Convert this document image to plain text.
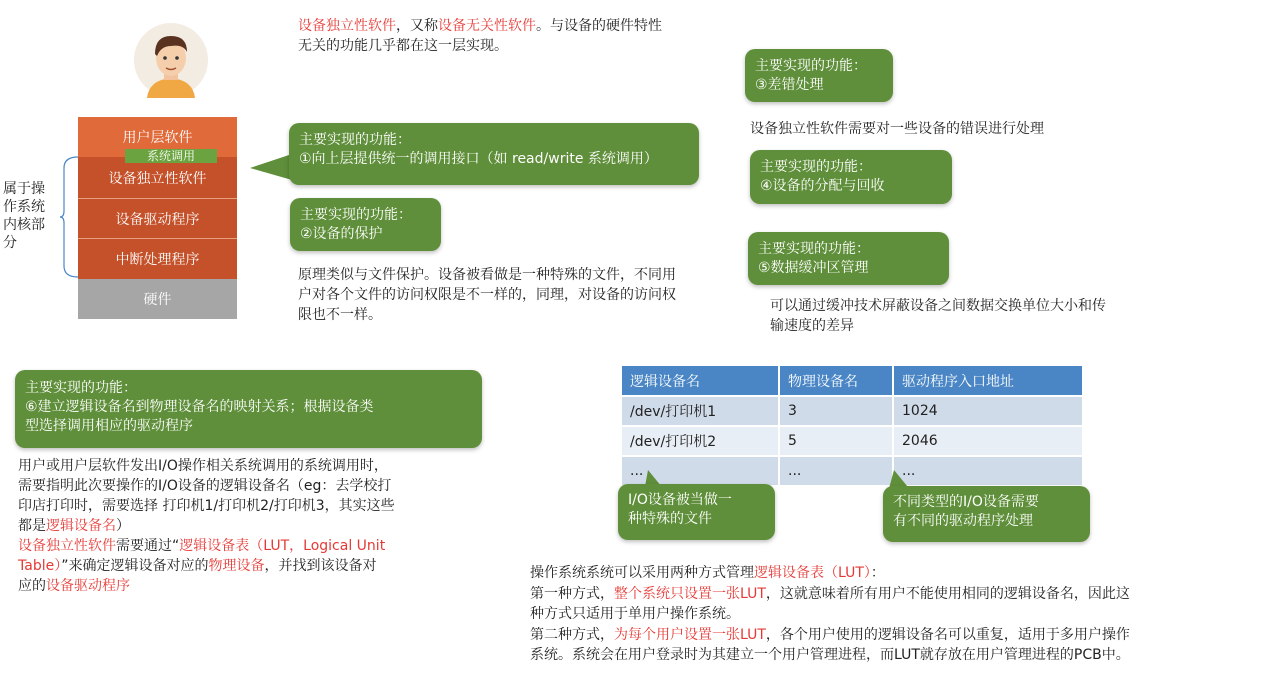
设备独立性软件，又称设备无关性软件。与设备的硬件特性
无关的功能几乎都在这一层实现。
用户层软件
设备独立性软件
设备驱动程序
中断处理程序
硬件
系统调用
属于操
作系统
内核部
分
主要实现的功能：
①向上层提供统一的调用接口（如 read/write 系统调用）
主要实现的功能：
②设备的保护
原理类似与文件保护。设备被看做是一种特殊的文件，不同用
户对各个文件的访问权限是不一样的，同理，对设备的访问权
限也不一样。
主要实现的功能：
③差错处理
设备独立性软件需要对一些设备的错误进行处理
主要实现的功能：
④设备的分配与回收
主要实现的功能：
⑤数据缓冲区管理
可以通过缓冲技术屏蔽设备之间数据交换单位大小和传
输速度的差异
主要实现的功能：
⑥建立逻辑设备名到物理设备名的映射关系；根据设备类
型选择调用相应的驱动程序
用户或用户层软件发出I/O操作相关系统调用的系统调用时，
需要指明此次要操作的I/O设备的逻辑设备名（eg：去学校打
印店打印时，需要选择 打印机1/打印机2/打印机3，其实这些
都是逻辑设备名）
设备独立性软件需要通过“逻辑设备表（LUT，Logical Unit
Table）”来确定逻辑设备对应的物理设备，并找到该设备对
应的设备驱动程序
逻辑设备名	物理设备名	驱动程序入口地址
/dev/打印机1	3	1024
/dev/打印机2	5	2046
...	...	...
I/O设备被当做一
种特殊的文件
不同类型的I/O设备需要
有不同的驱动程序处理
操作系统系统可以采用两种方式管理逻辑设备表（LUT）：
第一种方式，整个系统只设置一张LUT，这就意味着所有用户不能使用相同的逻辑设备名，因此这
种方式只适用于单用户操作系统。
第二种方式，为每个用户设置一张LUT，各个用户使用的逻辑设备名可以重复，适用于多用户操作
系统。系统会在用户登录时为其建立一个用户管理进程，而LUT就存放在用户管理进程的PCB中。
